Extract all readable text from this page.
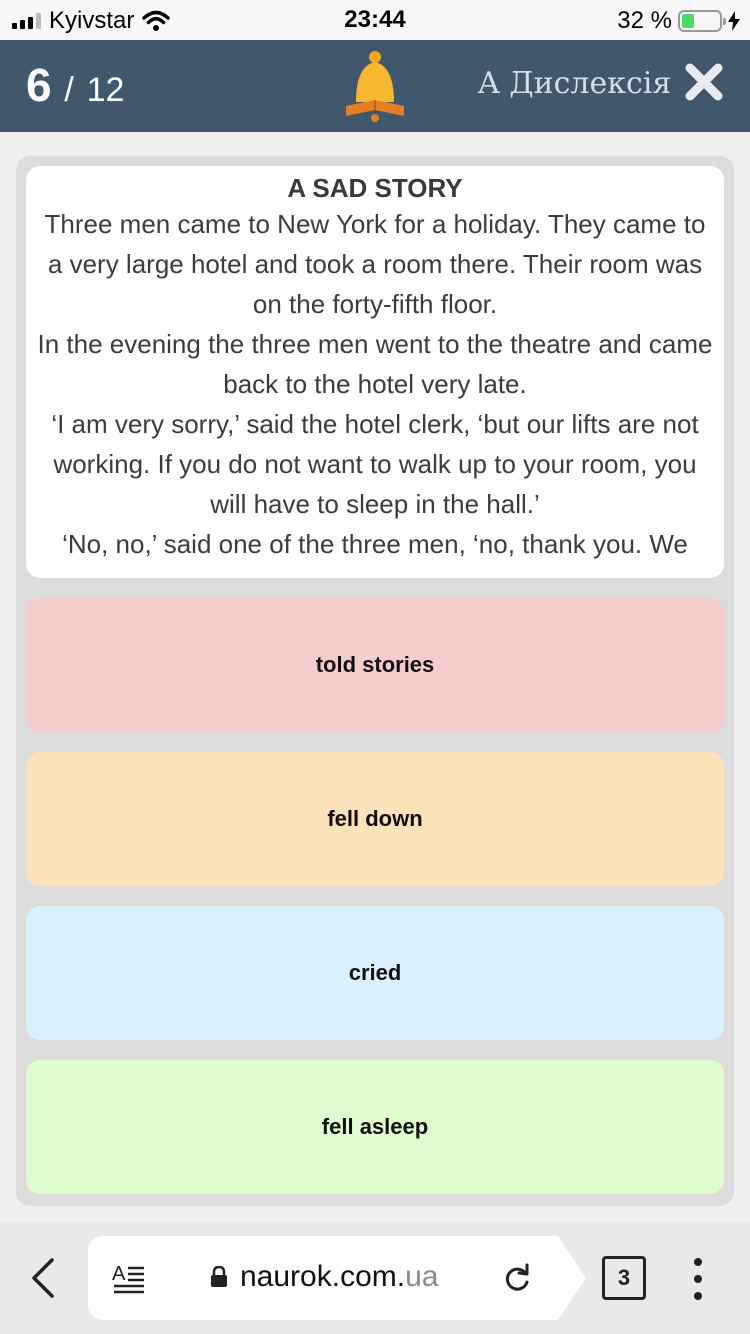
Kyivstar	23:44	32 %
6 / 12	A Дислексія
A SAD STORY

Three men came to New York for a holiday. They came to a very large hotel and took a room there. Their room was on the forty-fifth floor.

In the evening the three men went to the theatre and came back to the hotel very late.

‘I am very sorry,’ said the hotel clerk, ‘but our lifts are not working. If you do not want to walk up to your room, you will have to sleep in the hall.’

‘No, no,’ said one of the three men, ‘no, thank you. We

told stories
fell down
cried
fell asleep
A	naurok.com.ua	3
